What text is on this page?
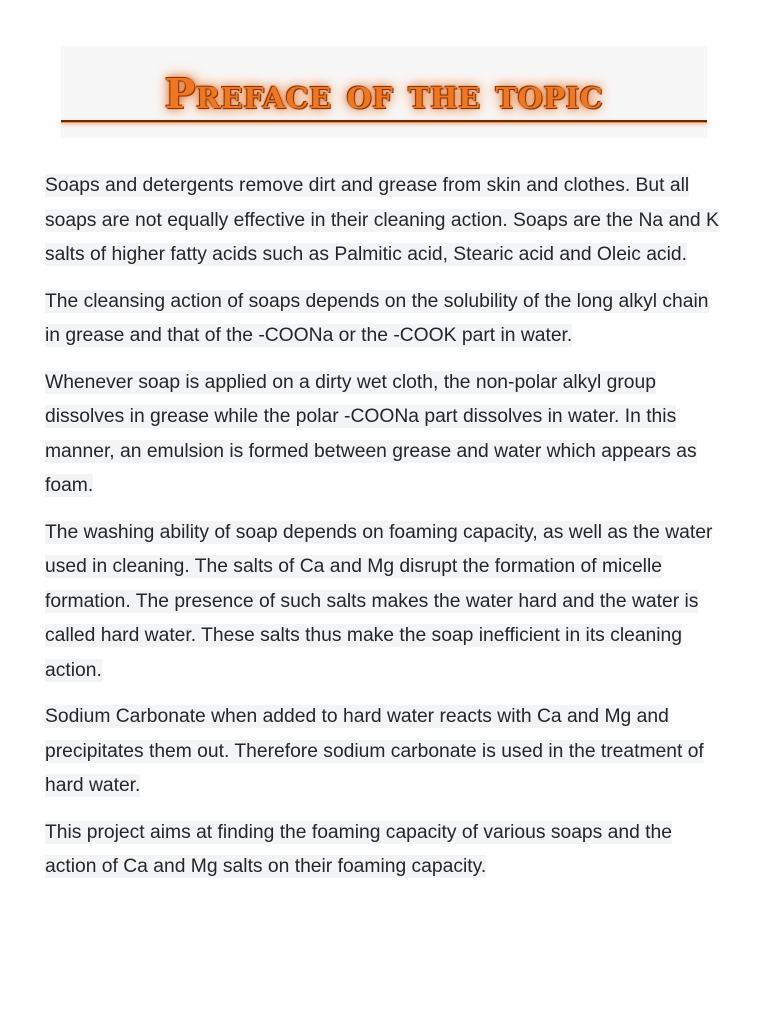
Preface of the topic

Soaps and detergents remove dirt and grease from skin and clothes. But all soaps are not equally effective in their cleaning action. Soaps are the Na and K salts of higher fatty acids such as Palmitic acid, Stearic acid and Oleic acid.

The cleansing action of soaps depends on the solubility of the long alkyl chain in grease and that of the -COONa or the -COOK part in water.

Whenever soap is applied on a dirty wet cloth, the non-polar alkyl group dissolves in grease while the polar -COONa part dissolves in water. In this manner, an emulsion is formed between grease and water which appears as foam.

The washing ability of soap depends on foaming capacity, as well as the water used in cleaning. The salts of Ca and Mg disrupt the formation of micelle formation. The presence of such salts makes the water hard and the water is called hard water. These salts thus make the soap inefficient in its cleaning action.

Sodium Carbonate when added to hard water reacts with Ca and Mg and precipitates them out. Therefore sodium carbonate is used in the treatment of hard water.

This project aims at finding the foaming capacity of various soaps and the action of Ca and Mg salts on their foaming capacity.
